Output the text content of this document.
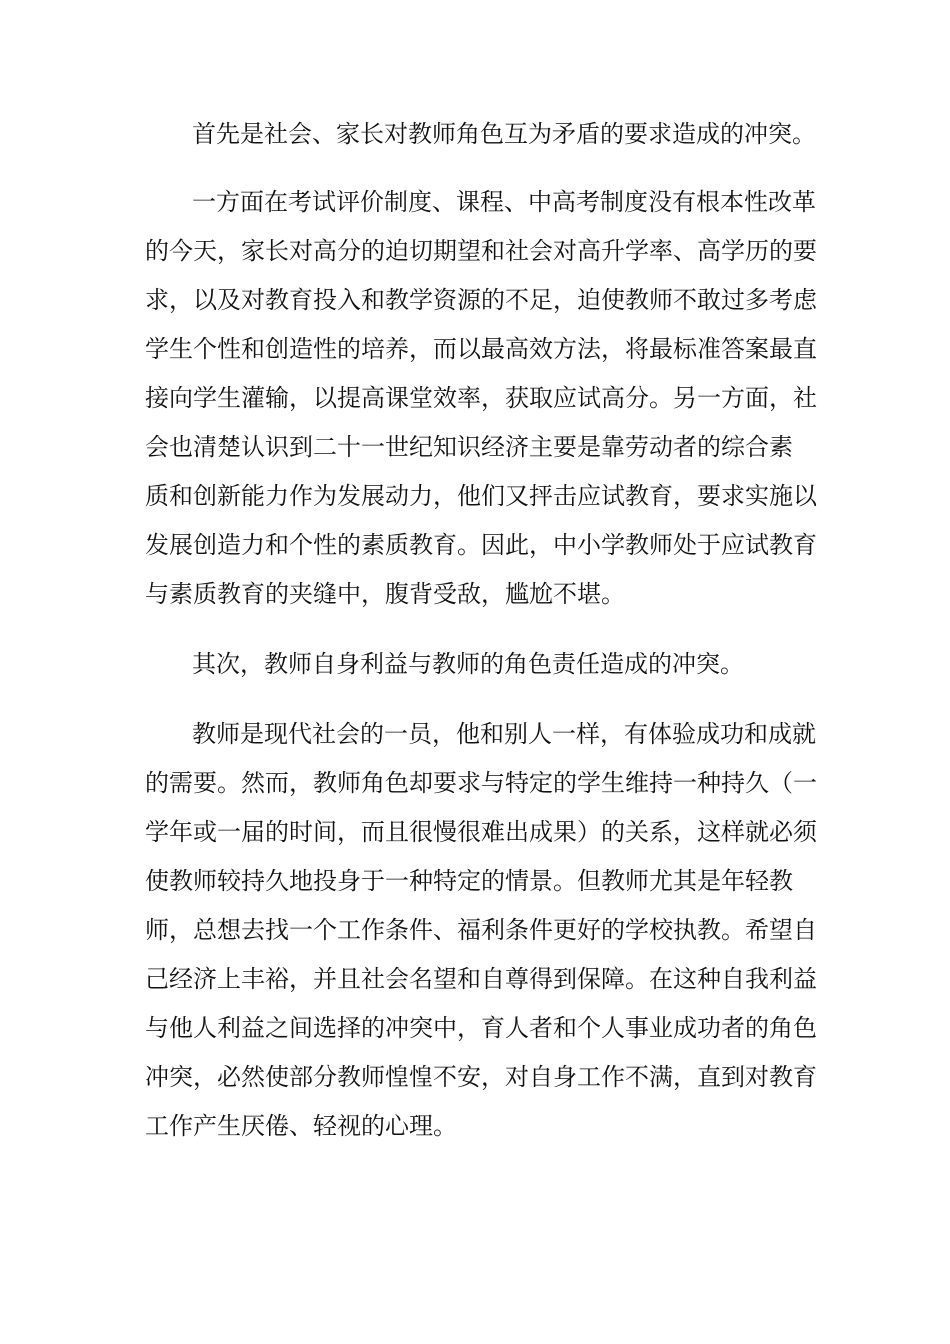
首先是社会、家长对教师角色互为矛盾的要求造成的冲突。

一方面在考试评价制度、课程、中高考制度没有根本性改革

的今天，家长对高分的迫切期望和社会对高升学率、高学历的要

求，以及对教育投入和教学资源的不足，迫使教师不敢过多考虑

学生个性和创造性的培养，而以最高效方法，将最标准答案最直

接向学生灌输，以提高课堂效率，获取应试高分。另一方面，社

会也清楚认识到二十一世纪知识经济主要是靠劳动者的综合素

质和创新能力作为发展动力，他们又抨击应试教育，要求实施以

发展创造力和个性的素质教育。因此，中小学教师处于应试教育

与素质教育的夹缝中，腹背受敌，尴尬不堪。

其次，教师自身利益与教师的角色责任造成的冲突。

教师是现代社会的一员，他和别人一样，有体验成功和成就

的需要。然而，教师角色却要求与特定的学生维持一种持久（一

学年或一届的时间，而且很慢很难出成果）的关系，这样就必须

使教师较持久地投身于一种特定的情景。但教师尤其是年轻教

师，总想去找一个工作条件、福利条件更好的学校执教。希望自

己经济上丰裕，并且社会名望和自尊得到保障。在这种自我利益

与他人利益之间选择的冲突中，育人者和个人事业成功者的角色

冲突，必然使部分教师惶惶不安，对自身工作不满，直到对教育

工作产生厌倦、轻视的心理。
